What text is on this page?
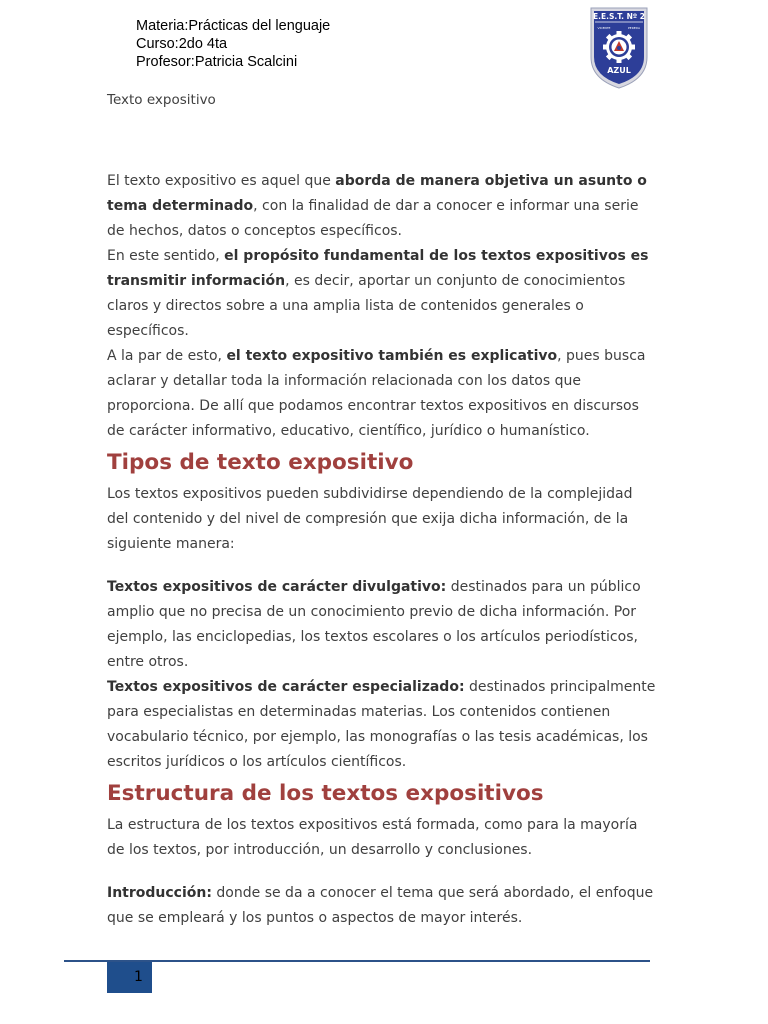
Materia:Prácticas del lenguaje
Curso:2do 4ta
Profesor:Patricia Scalcini
E.E.S.T. Nº 2
VICENTE	PEREDA
AZUL
Texto expositivo

El texto expositivo es aquel que aborda de manera objetiva un asunto o tema determinado, con la finalidad de dar a conocer e informar una serie de hechos, datos o conceptos específicos.

En este sentido, el propósito fundamental de los textos expositivos es transmitir información, es decir, aportar un conjunto de conocimientos claros y directos sobre a una amplia lista de contenidos generales o específicos.

A la par de esto, el texto expositivo también es explicativo, pues busca aclarar y detallar toda la información relacionada con los datos que proporciona. De allí que podamos encontrar textos expositivos en discursos de carácter informativo, educativo, científico, jurídico o humanístico.

Tipos de texto expositivo

Los textos expositivos pueden subdividirse dependiendo de la complejidad del contenido y del nivel de compresión que exija dicha información, de la siguiente manera:

Textos expositivos de carácter divulgativo: destinados para un público amplio que no precisa de un conocimiento previo de dicha información. Por ejemplo, las enciclopedias, los textos escolares o los artículos periodísticos, entre otros.

Textos expositivos de carácter especializado: destinados principalmente para especialistas en determinadas materias. Los contenidos contienen vocabulario técnico, por ejemplo, las monografías o las tesis académicas, los escritos jurídicos o los artículos científicos.

Estructura de los textos expositivos

La estructura de los textos expositivos está formada, como para la mayoría de los textos, por introducción, un desarrollo y conclusiones.

Introducción: donde se da a conocer el tema que será abordado, el enfoque que se empleará y los puntos o aspectos de mayor interés.

1
